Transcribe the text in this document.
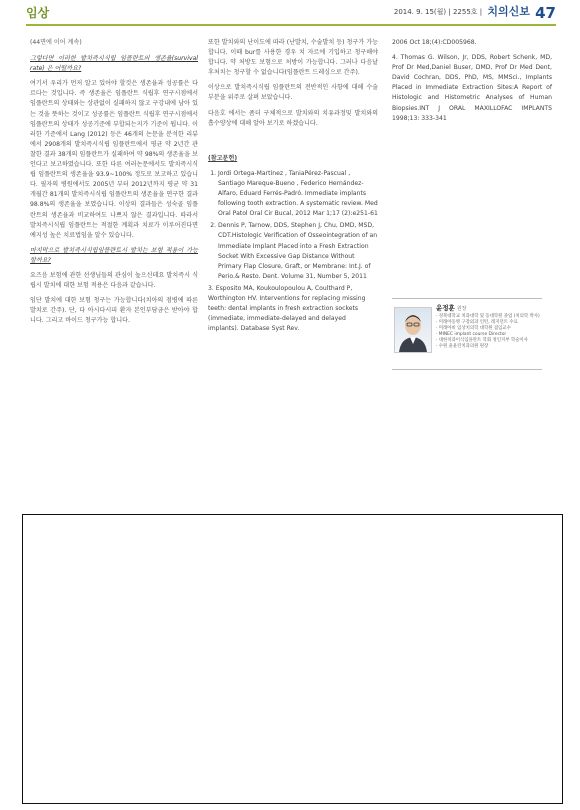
임상	2014. 9. 15(월) | 2255호 | 치의신보 47

(44면에 이어 계속)

그렇다면 이러한 발치즉시식립 임플란트의 생존율(survival rate) 은 어떨까요?

여기서 우리가 먼저 알고 있어야 할것은 생존율과 성공률은 다르다는 것입니다. 즉 생존율은 임플란트 식립후 연구시점에서 임플란트의 상태와는 상관없이 실패하지 않고 구강내에 남아 있는 것을 뜻하는 것이고 성공률은 임플란트 식립후 연구시점에서 임플란트의 상태가 성공기준에 부합되는지가 기준이 됩니다. 이러한 기준에서 Lang (2012) 등은 46개의 논문을 분석한 리뷰에서 2908개의 발치즉시식립 임플란트에서 평균 약 2년간 관찰한 결과 38개의 임플란트가 실패하여 약 98%의 생존율을 보인다고 보고하였습니다. 또한 다른 여러논문에서도 발치즉시식립 임플란트의 생존율을 93.9~100% 정도로 보고하고 있습니다. 필자의 병원에서도 2005년 부터 2012년까지 평균 약 31개월간 81개의 발치즉시식립 임플란트의 생존율을 연구한 결과 98.8%의 생존율을 보였습니다. 이상의 결과들은 성숙골 임플란트의 생존율과 비교하여도 나쁘지 않은 결과입니다. 따라서 발치즉시식립 임플란트는 적절한 계획과 치료가 이루어진다면 예지성 높은 치료법임을 알수 있습니다.

마지막으로 발치즉시식립임플란트시 발치는 보험 적용이 가능할까요?

요즈음 보험에 관한 선생님들의 관심이 높으신데요 발치즉시 식립시 발치에 대한 보험 적용은 다음과 같습니다.

임단 발치에 대한 보험 청구는 가능합니다(치아의 점병에 따른 발치로 간주). 단, 다 아시다시피 환자 본인부담금은 받아야 합니다. 그리고 바이드 청구가능 합니다.

또한 발치와의 난이도에 따라 (난발치, 수술발치 등) 청구가 가능합니다. 이때 bur를 사용한 경우 치 자르에 기입하고 청구해야 합니다. 약 처방도 보험으로 처방이 가능합니다. 그러나 다음날 후처치는 청구할 수 없습니다(임플란트 드레싱으로 간주).

이상으로 발치즉시식립 임플란트의 전반적인 사항에 대해 수술 부분을 위주로 살펴 보았습니다.

다음호 에서는 좀더 구체적으로 발치와의 치유과정및 발치와의 흡수양상에 대해 알아 보기로 하겠습니다.

(참고문헌)

1. Jordi Ortega-Martínez , TaniaPérez-Pascual , Santiago Mareque-Bueno , Federico Hernández-Alfaro, Eduard Ferrés-Padró. Immediate implants following tooth extraction. A systematic review. Med Oral Patol Oral Cir Bucal, 2012 Mar 1;17 (2):e251-61
2. Dennis P, Tarnow, DDS, Stephen J, Chu, DMD, MSD, CDT.Histologic Verification of Osseointegration of an Immediate Implant Placed into a Fresh Extraction Socket With Excessive Gap Distance Without Primary Flap Closure, Graft, or Membrane: Int.J. of Perio.& Resto. Dent. Volume 31, Number 5, 2011
3. Esposito MA, Koukoulopoulou A, Coulthard P, Worthington HV. Interventions for replacing missing teeth: dental implants in fresh extraction sockets (immediate, immediate-delayed and delayed implants). Database Syst Rev.

2006 Oct 18;(4):CD005968.

4. Thomas G. Wilson, Jr, DDS, Robert Schenk, MD, Prof Dr Med,Daniel Buser, DMD, Prof Dr Med Dent, David Cochran, DDS, PhD, MS, MMSci., Implants Placed in Immediate Extraction Sites:A Report of Histologic and Histometric Analyses of Human Biopsies.INT J ORAL MAXILLOFAC IMPLANTS 1998;13: 333-341

윤정훈 원장
· 경북대학교 치과대학 및 동대학원 졸업 (치의학 박사)
· 미래아동병 구강외과 인턴, 레지던트 수료
· 미래아비 임상치의학 대학원 겸임교수
· MINEC implant course Director
· 대한치과이식임플란트 학회 정인지부 학술이사
· 수원 윤윤린치과의원 원장
